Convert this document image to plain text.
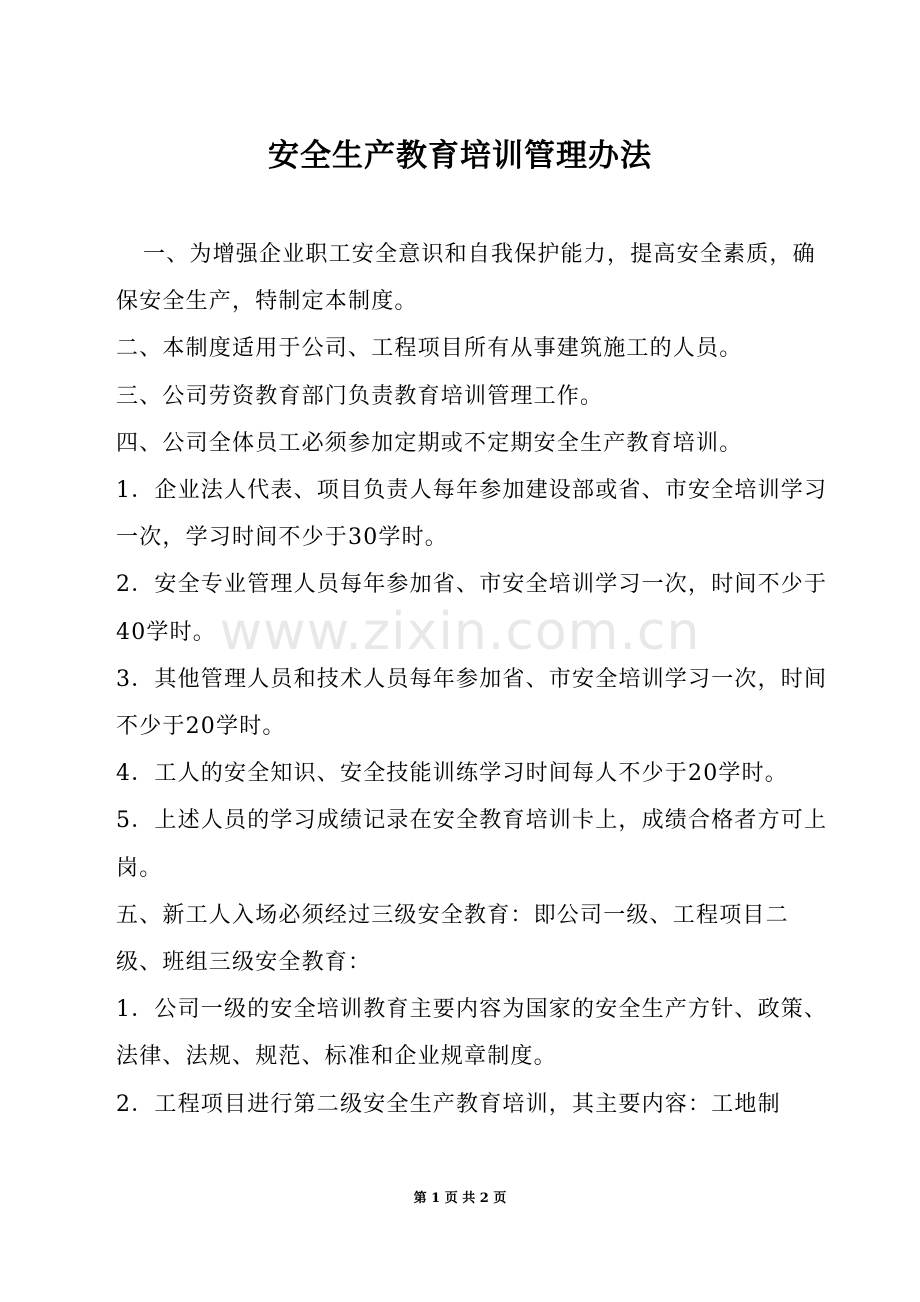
安全生产教育培训管理办法

一、为增强企业职工安全意识和自我保护能力，提高安全素质，确保安全生产，特制定本制度。

二、本制度适用于公司、工程项目所有从事建筑施工的人员。

三、公司劳资教育部门负责教育培训管理工作。

四、公司全体员工必须参加定期或不定期安全生产教育培训。

1．企业法人代表、项目负责人每年参加建设部或省、市安全培训学习一次，学习时间不少于30学时。

2．安全专业管理人员每年参加省、市安全培训学习一次，时间不少于40学时。

3．其他管理人员和技术人员每年参加省、市安全培训学习一次，时间不少于20学时。

4．工人的安全知识、安全技能训练学习时间每人不少于20学时。

5．上述人员的学习成绩记录在安全教育培训卡上，成绩合格者方可上岗。

五、新工人入场必须经过三级安全教育：即公司一级、工程项目二级、班组三级安全教育：

1．公司一级的安全培训教育主要内容为国家的安全生产方针、政策、法律、法规、规范、标准和企业规章制度。

2．工程项目进行第二级安全生产教育培训，其主要内容：工地制

www.zixin.com.cn
第 1 页 共 2 页
